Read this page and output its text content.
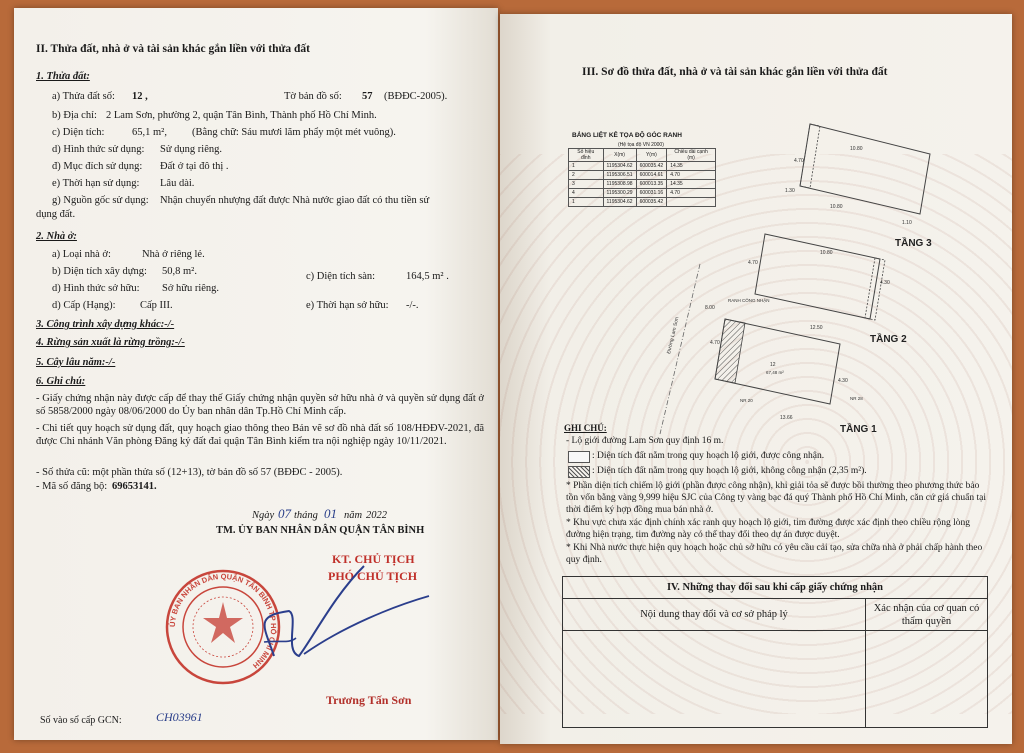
II. Thửa đất, nhà ở và tài sản khác gắn liền với thửa đất
1. Thửa đất:
a) Thửa đất số: 12 ,	Tờ bản đồ số: 57 (BĐĐC-2005).
b) Địa chỉ: 2 Lam Sơn, phường 2, quận Tân Bình, Thành phố Hồ Chí Minh.
c) Diện tích:	65,1 m², (Bằng chữ: Sáu mươi lăm phẩy một mét vuông).
d) Hình thức sử dụng: Sử dụng riêng.
đ) Mục đích sử dụng: Đất ở tại đô thị .
e) Thời hạn sử dụng: Lâu dài.
g) Nguồn gốc sử dụng: Nhận chuyển nhượng đất được Nhà nước giao đất có thu tiền sử
dụng đất.
2. Nhà ở:
a) Loại nhà ở:	Nhà ở riêng lẻ.
b) Diện tích xây dựng: 50,8 m².	c) Diện tích sàn:	164,5 m² .
d) Hình thức sở hữu: Sở hữu riêng.
d) Cấp (Hạng): Cấp III.	e) Thời hạn sở hữu: -/-.
3. Công trình xây dựng khác:-/-
4. Rừng sản xuất là rừng trồng:-/-
5. Cây lâu năm:-/-
6. Ghi chú:
- Giấy chứng nhận này được cấp để thay thế Giấy chứng nhận quyền sở hữu nhà ở và quyền sử dụng đất ở số 5858/2000 ngày 08/06/2000 do Ủy ban nhân dân Tp.Hồ Chí Minh cấp.
- Chi tiết quy hoạch sử dụng đất, quy hoạch giao thông theo Bản vẽ sơ đồ nhà đất số 108/HĐĐV-2021, đã được Chi nhánh Văn phòng Đăng ký đất đai quận Tân Bình kiểm tra nội nghiệp ngày 10/11/2021.
- Số thửa cũ: một phần thửa số (12+13), tờ bản đồ số 57 (BĐĐC - 2005).
- Mã số đăng bộ: 69653141.
Ngày 07 tháng 01 năm 2022
TM. ỦY BAN NHÂN DÂN QUẬN TÂN BÌNH
KT. CHỦ TỊCH
PHÓ CHỦ TỊCH
ỦY BAN NHÂN DÂN QUẬN TÂN BÌNH TP HỒ CHÍ MINH
Trương Tấn Sơn
Số vào sổ cấp GCN:	CH03961
III. Sơ đồ thửa đất, nhà ở và tài sản khác gắn liền với thửa đất
BẢNG LIỆT KÊ TỌA ĐỘ GÓC RANH
(Hệ tọa độ VN 2000)
Số hiệu đỉnh	X(m)	Y(m)	Chiều dài cạnh (m)
1	1195304.62	600035.42	14.35
2	1195306.51	600014.61	4.70
3	1195308.98	600013.35	14.35
4	1195300.29	600031.16	4.70
1	1195304.62	600035.42	
10.80
10.80
4.70
1.30
1.10
TẦNG 3
10.80
4.70
4.30
12.50
TẦNG 2
Đường Lam Sơn
8.00
RANH CÔNG NHẬN
12
67,48 m²
4.70
4.30
NR 20	NR 28
13.66
TẦNG 1
GHI CHÚ:
- Lộ giới đường Lam Sơn quy định 16 m.
: Diện tích đất nằm trong quy hoạch lộ giới, được công nhận.
: Diện tích đất nằm trong quy hoạch lộ giới, không công nhận (2,35 m²).
* Phần diện tích chiếm lộ giới (phần được công nhận), khi giải tỏa sẽ được bồi thường theo phương thức bảo tồn vốn bằng vàng 9,999 hiệu SJC của Công ty vàng bạc đá quý Thành phố Hồ Chí Minh, căn cứ giá chuẩn tại thời điểm ký hợp đồng mua bán nhà ở.
* Khu vực chưa xác định chính xác ranh quy hoạch lộ giới, tim đường được xác định theo chiều rộng lòng đường hiện trạng, tim đường này có thể thay đổi theo dự án được duyệt.
* Khi Nhà nước thực hiện quy hoạch hoặc chủ sở hữu có yêu cầu cải tạo, sửa chữa nhà ở phải chấp hành theo quy định.
IV. Những thay đổi sau khi cấp giấy chứng nhận	
Nội dung thay đổi và cơ sở pháp lý	Xác nhận của cơ quan có thẩm quyền
